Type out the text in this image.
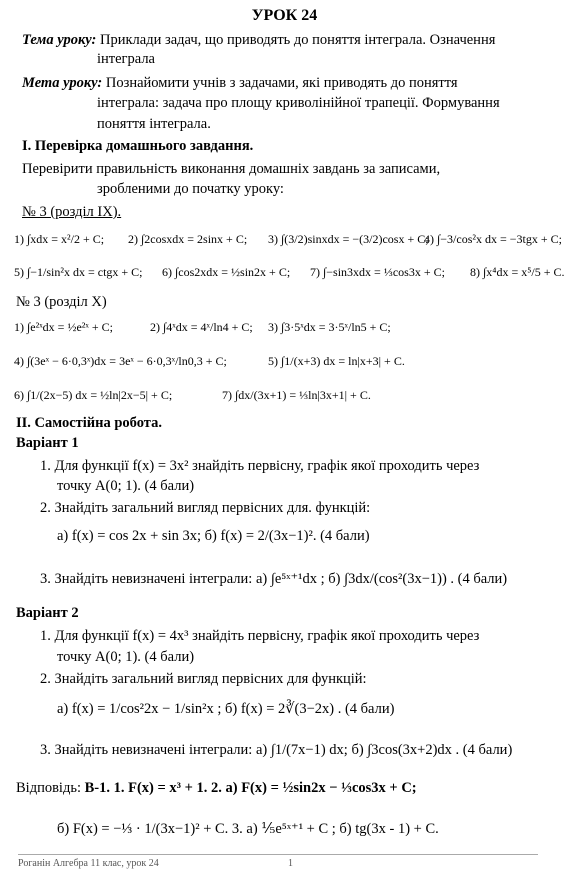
УРОК 24
Тема уроку: Приклади задач, що приводять до поняття інтеграла. Означення
інтеграла
Мета уроку: Познайомити учнів з задачами, які приводять до поняття
інтеграла: задача про площу криволінійної трапеції. Формування
поняття інтеграла.
І. Перевірка домашнього завдання.
Перевірити правильність виконання домашніх завдань за записами,
зробленими до початку уроку:
№ 3 (розділ ІХ).
1) ∫xdx = x²/2 + C; 2) ∫2cosxdx = 2sinx + C; 3) ∫(3/2)sinxdx = −(3/2)cosx + C;
4) ∫−3/cos²x dx = −3tgx + C;
5) ∫−1/sin²x dx = ctgx + C; 6) ∫cos2xdx = ½sin2x + C; 7) ∫−sin3xdx = ⅓cos3x + C; 8) ∫x⁴dx = x⁵/5 + C.
№ 3 (розділ Х)
1) ∫e²ˣdx = ½e²ˣ + C;	2) ∫4ˣdx = 4ˣ/ln4 + C; 3) ∫3·5ˣdx = 3·5ˣ/ln5 + C;
4) ∫(3eˣ − 6·0,3ˣ)dx = 3eˣ − 6·0,3ˣ/ln0,3 + C;	5) ∫1/(x+3) dx = ln|x+3| + C.
6) ∫1/(2x−5) dx = ½ln|2x−5| + C;	7) ∫dx/(3x+1) = ⅓ln|3x+1| + C.
ІІ. Самостійна робота.
Варіант 1
1. Для функції f(x) = 3x² знайдіть первісну, графік якої проходить через
точку А(0; 1). (4 бали)
2. Знайдіть загальний вигляд первісних для. функцій:
а) f(x) = cos 2x + sin 3x; б) f(x) = 2/(3x−1)². (4 бали)
3. Знайдіть невизначені інтеграли: а) ∫e⁵ˣ⁺¹dx ; б) ∫3dx/(cos²(3x−1)) . (4 бали)
Варіант 2
1. Для функції f(x) = 4x³ знайдіть первісну, графік якої проходить через
точку А(0; 1). (4 бали)
2. Знайдіть загальний вигляд первісних для функцій:
а) f(x) = 1/cos²2x − 1/sin²x ; б) f(x) = 2∛(3−2x) . (4 бали)
3. Знайдіть невизначені інтеграли: а) ∫1/(7x−1) dx; б) ∫3cos(3x+2)dx . (4 бали)
Відповідь: В-1. 1. F(x) = x³ + 1. 2. а) F(x) = ½sin2x − ⅓cos3x + C;
б) F(x) = −⅓ · 1/(3x−1)² + C. 3. а) ⅕e⁵ˣ⁺¹ + C ; б) tg(3x - 1) + C.
Роганін Алгебра 11 клас, урок 24	1
